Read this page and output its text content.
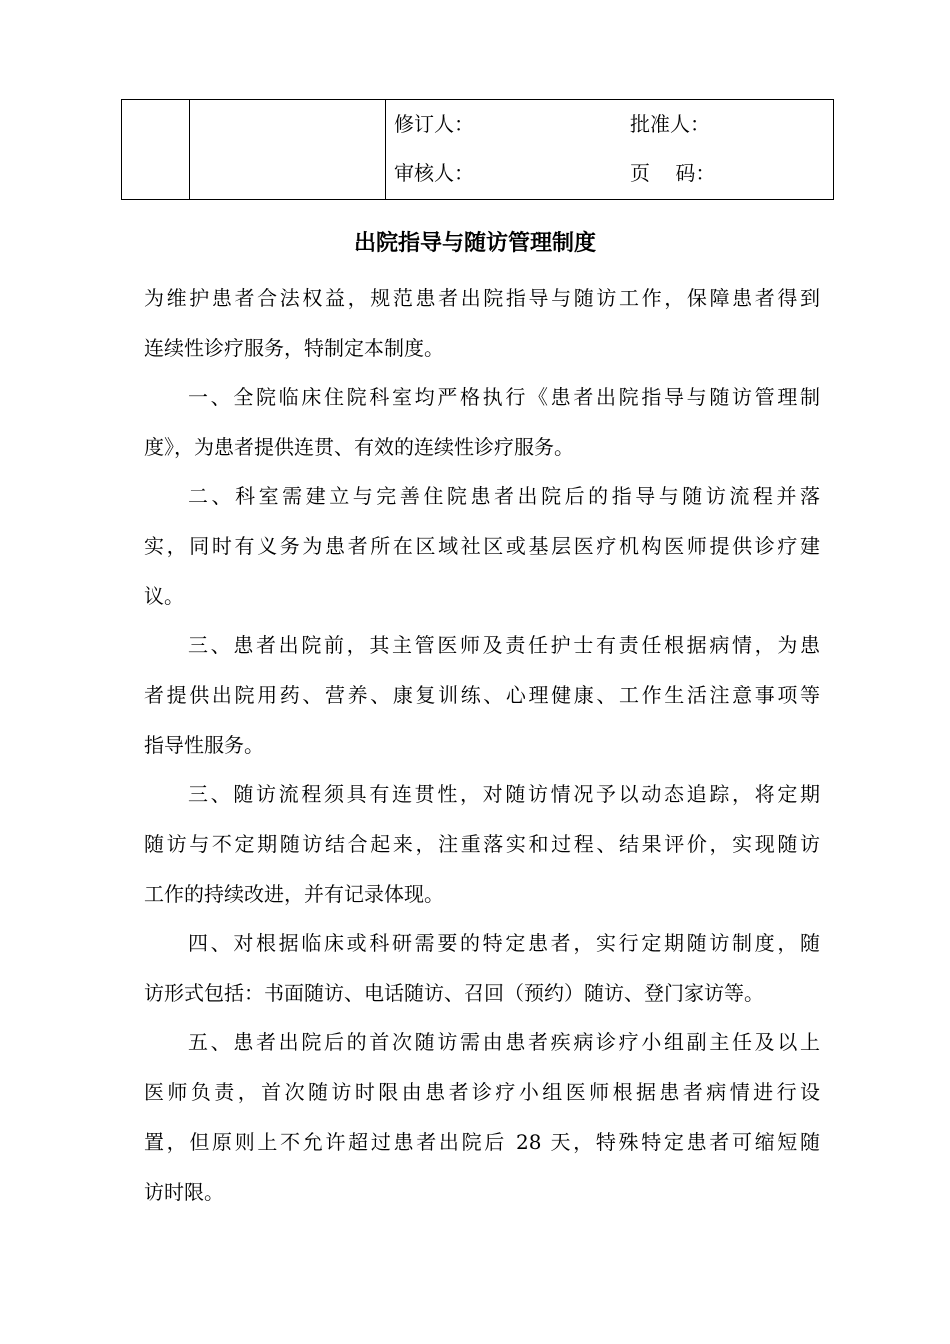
修订人：	批准人：
审核人：	页    码：
出院指导与随访管理制度

为维护患者合法权益，规范患者出院指导与随访工作，保障患者得到
连续性诊疗服务，特制定本制度。

一、全院临床住院科室均严格执行《患者出院指导与随访管理制
度》，为患者提供连贯、有效的连续性诊疗服务。

二、科室需建立与完善住院患者出院后的指导与随访流程并落
实，同时有义务为患者所在区域社区或基层医疗机构医师提供诊疗建
议。

三、患者出院前，其主管医师及责任护士有责任根据病情，为患
者提供出院用药、营养、康复训练、心理健康、工作生活注意事项等
指导性服务。

三、随访流程须具有连贯性，对随访情况予以动态追踪，将定期
随访与不定期随访结合起来，注重落实和过程、结果评价，实现随访
工作的持续改进，并有记录体现。

四、对根据临床或科研需要的特定患者，实行定期随访制度，随
访形式包括：书面随访、电话随访、召回（预约）随访、登门家访等。

五、患者出院后的首次随访需由患者疾病诊疗小组副主任及以上
医师负责，首次随访时限由患者诊疗小组医师根据患者病情进行设
置，但原则上不允许超过患者出院后 28 天，特殊特定患者可缩短随
访时限。
